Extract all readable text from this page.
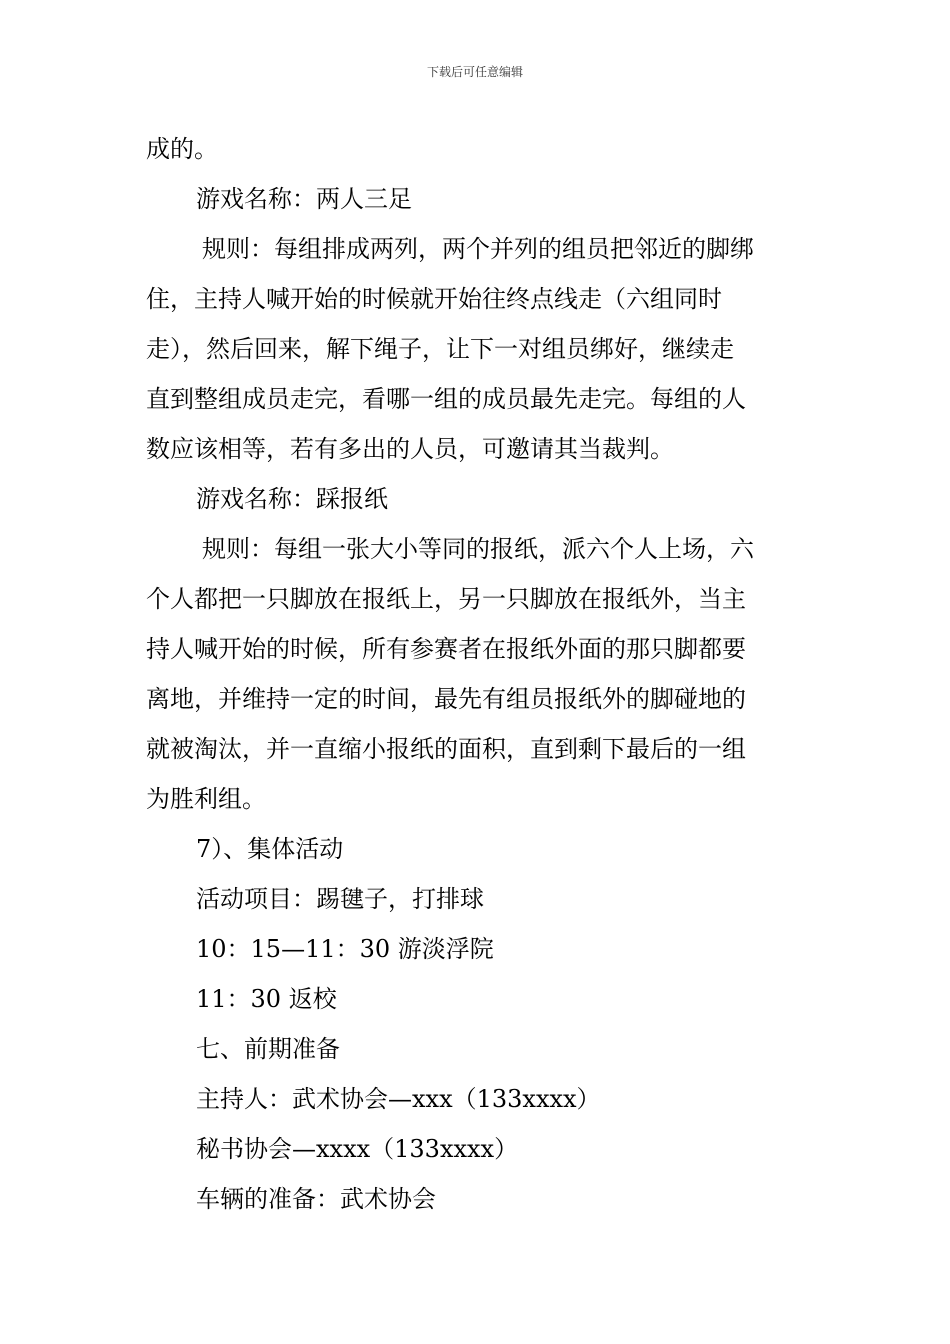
下载后可任意编辑

成的。

游戏名称：两人三足

规则：每组排成两列，两个并列的组员把邻近的脚绑

住，主持人喊开始的时候就开始往终点线走（六组同时

走），然后回来，解下绳子，让下一对组员绑好，继续走

直到整组成员走完，看哪一组的成员最先走完。每组的人

数应该相等，若有多出的人员，可邀请其当裁判。

游戏名称：踩报纸

规则：每组一张大小等同的报纸，派六个人上场，六

个人都把一只脚放在报纸上，另一只脚放在报纸外，当主

持人喊开始的时候，所有参赛者在报纸外面的那只脚都要

离地，并维持一定的时间，最先有组员报纸外的脚碰地的

就被淘汰，并一直缩小报纸的面积，直到剩下最后的一组

为胜利组。

7）、集体活动

活动项目：踢毽子，打排球

10：15—11：30 游淡浮院

11：30 返校

七、前期准备

主持人：武术协会—xxx（133xxxx）

秘书协会—xxxx（133xxxx）

车辆的准备：武术协会
